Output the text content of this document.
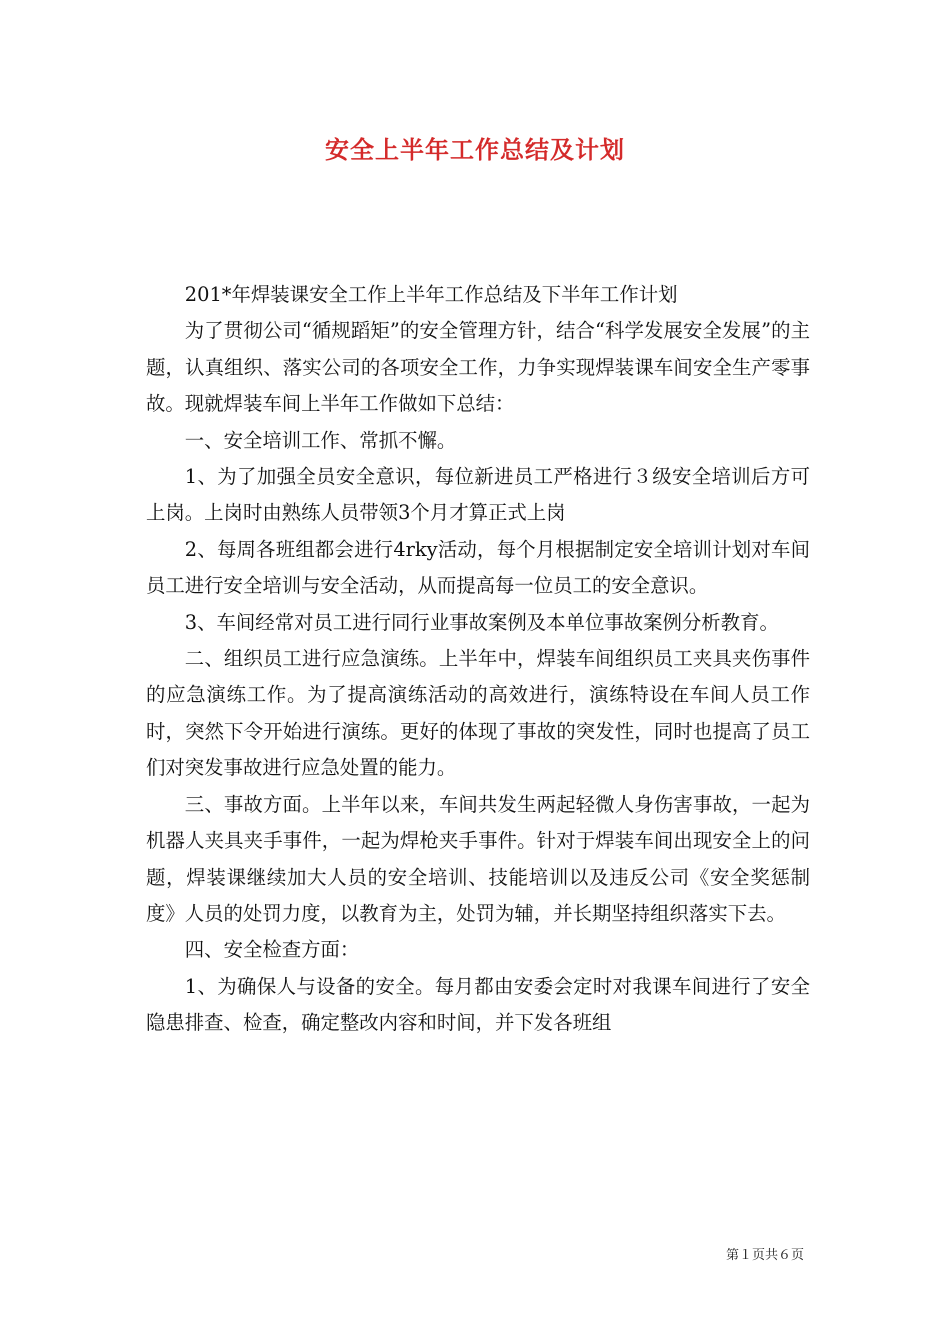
安全上半年工作总结及计划

201*年焊装课安全工作上半年工作总结及下半年工作计划

为了贯彻公司“循规蹈矩”的安全管理方针，结合“科学发展安全发展”的主题，认真组织、落实公司的各项安全工作，力争实现焊装课车间安全生产零事故。现就焊装车间上半年工作做如下总结：

一、安全培训工作、常抓不懈。

1、为了加强全员安全意识，每位新进员工严格进行３级安全培训后方可上岗。上岗时由熟练人员带领3个月才算正式上岗

2、每周各班组都会进行4rky活动，每个月根据制定安全培训计划对车间员工进行安全培训与安全活动，从而提高每一位员工的安全意识。

3、车间经常对员工进行同行业事故案例及本单位事故案例分析教育。

二、组织员工进行应急演练。上半年中，焊装车间组织员工夹具夹伤事件的应急演练工作。为了提高演练活动的高效进行，演练特设在车间人员工作时，突然下令开始进行演练。更好的体现了事故的突发性，同时也提高了员工们对突发事故进行应急处置的能力。

三、事故方面。上半年以来，车间共发生两起轻微人身伤害事故，一起为机器人夹具夹手事件，一起为焊枪夹手事件。针对于焊装车间出现安全上的问题，焊装课继续加大人员的安全培训、技能培训以及违反公司《安全奖惩制度》人员的处罚力度，以教育为主，处罚为辅，并长期坚持组织落实下去。

四、安全检查方面：

1、为确保人与设备的安全。每月都由安委会定时对我课车间进行了安全隐患排查、检查，确定整改内容和时间，并下发各班组

第１页共６页
